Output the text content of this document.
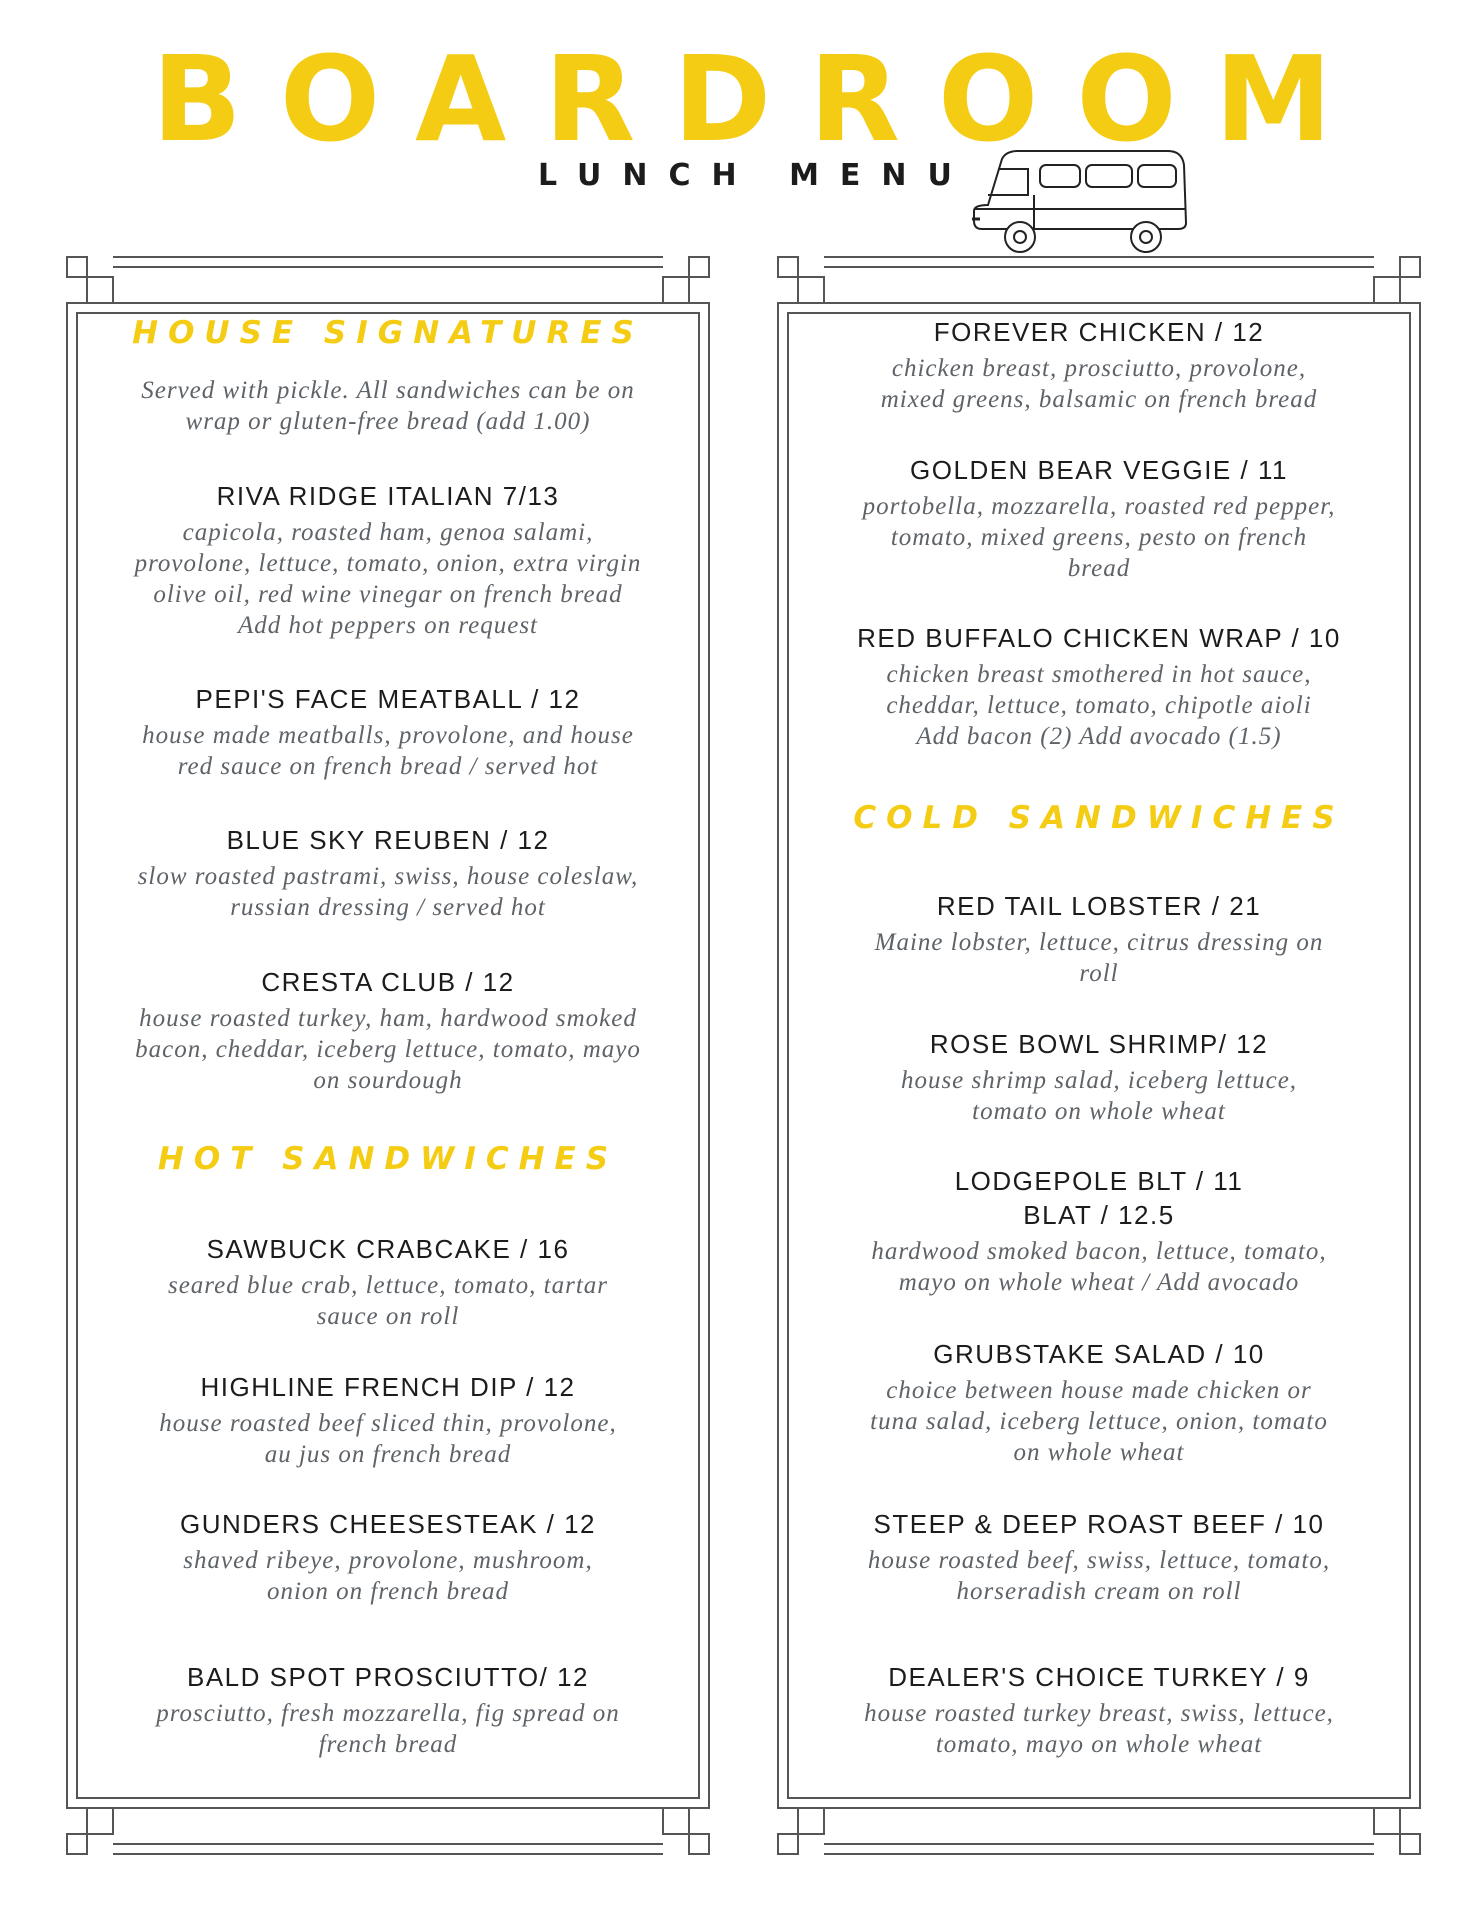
BOARDROOM
LUNCH MENU
HOUSE SIGNATURES
Served with pickle. All sandwiches can be on
wrap or gluten-free bread (add 1.00)
RIVA RIDGE ITALIAN 7/13
capicola, roasted ham, genoa salami,
provolone, lettuce, tomato, onion, extra virgin
olive oil, red wine vinegar on french bread
Add hot peppers on request
PEPI'S FACE MEATBALL / 12
house made meatballs, provolone, and house
red sauce on french bread / served hot
BLUE SKY REUBEN / 12
slow roasted pastrami, swiss, house coleslaw,
russian dressing / served hot
CRESTA CLUB / 12
house roasted turkey, ham, hardwood smoked
bacon, cheddar, iceberg lettuce, tomato, mayo
on sourdough
HOT SANDWICHES
SAWBUCK CRABCAKE / 16
seared blue crab, lettuce, tomato, tartar
sauce on roll
HIGHLINE FRENCH DIP / 12
house roasted beef sliced thin, provolone,
au jus on french bread
GUNDERS CHEESESTEAK / 12
shaved ribeye, provolone, mushroom,
onion on french bread
BALD SPOT PROSCIUTTO/ 12
prosciutto, fresh mozzarella, fig spread on
french bread
FOREVER CHICKEN / 12
chicken breast, prosciutto, provolone,
mixed greens, balsamic on french bread
GOLDEN BEAR VEGGIE / 11
portobella, mozzarella, roasted red pepper,
tomato, mixed greens, pesto on french
bread
RED BUFFALO CHICKEN WRAP / 10
chicken breast smothered in hot sauce,
cheddar, lettuce, tomato, chipotle aioli
Add bacon (2) Add avocado (1.5)
COLD SANDWICHES
RED TAIL LOBSTER / 21
Maine lobster, lettuce, citrus dressing on
roll
ROSE BOWL SHRIMP/ 12
house shrimp salad, iceberg lettuce,
tomato on whole wheat
LODGEPOLE BLT / 11
BLAT / 12.5
hardwood smoked bacon, lettuce, tomato,
mayo on whole wheat / Add avocado
GRUBSTAKE SALAD / 10
choice between house made chicken or
tuna salad, iceberg lettuce, onion, tomato
on whole wheat
STEEP & DEEP ROAST BEEF / 10
house roasted beef, swiss, lettuce, tomato,
horseradish cream on roll
DEALER'S CHOICE TURKEY / 9
house roasted turkey breast, swiss, lettuce,
tomato, mayo on whole wheat
